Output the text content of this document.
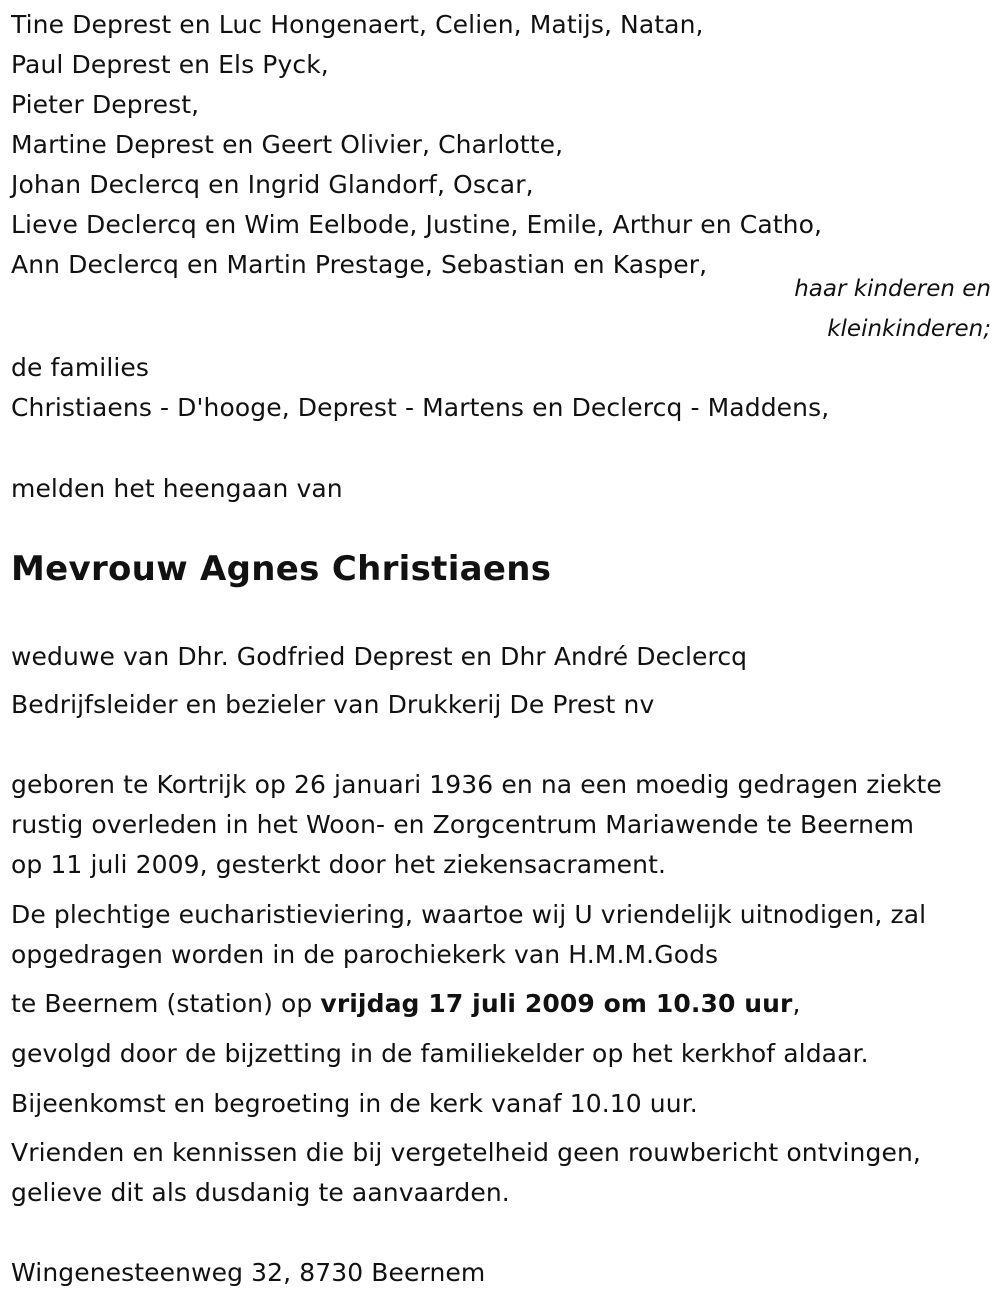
Tine Deprest en Luc Hongenaert, Celien, Matijs, Natan,
Paul Deprest en Els Pyck,
Pieter Deprest,
Martine Deprest en Geert Olivier, Charlotte,
Johan Declercq en Ingrid Glandorf, Oscar,
Lieve Declercq en Wim Eelbode, Justine, Emile, Arthur en Catho,
Ann Declercq en Martin Prestage, Sebastian en Kasper,
haar kinderen en
kleinkinderen;
de families
Christiaens - D'hooge, Deprest - Martens en Declercq - Maddens,
melden het heengaan van
Mevrouw Agnes Christiaens
weduwe van Dhr. Godfried Deprest en Dhr André Declercq
Bedrijfsleider en bezieler van Drukkerij De Prest nv
geboren te Kortrijk op 26 januari 1936 en na een moedig gedragen ziekte
rustig overleden in het Woon- en Zorgcentrum Mariawende te Beernem
op 11 juli 2009, gesterkt door het ziekensacrament.
De plechtige eucharistieviering, waartoe wij U vriendelijk uitnodigen, zal
opgedragen worden in de parochiekerk van H.M.M.Gods
te Beernem (station) op vrijdag 17 juli 2009 om 10.30 uur,
gevolgd door de bijzetting in de familiekelder op het kerkhof aldaar.
Bijeenkomst en begroeting in de kerk vanaf 10.10 uur.
Vrienden en kennissen die bij vergetelheid geen rouwbericht ontvingen,
gelieve dit als dusdanig te aanvaarden.
Wingenesteenweg 32, 8730 Beernem
